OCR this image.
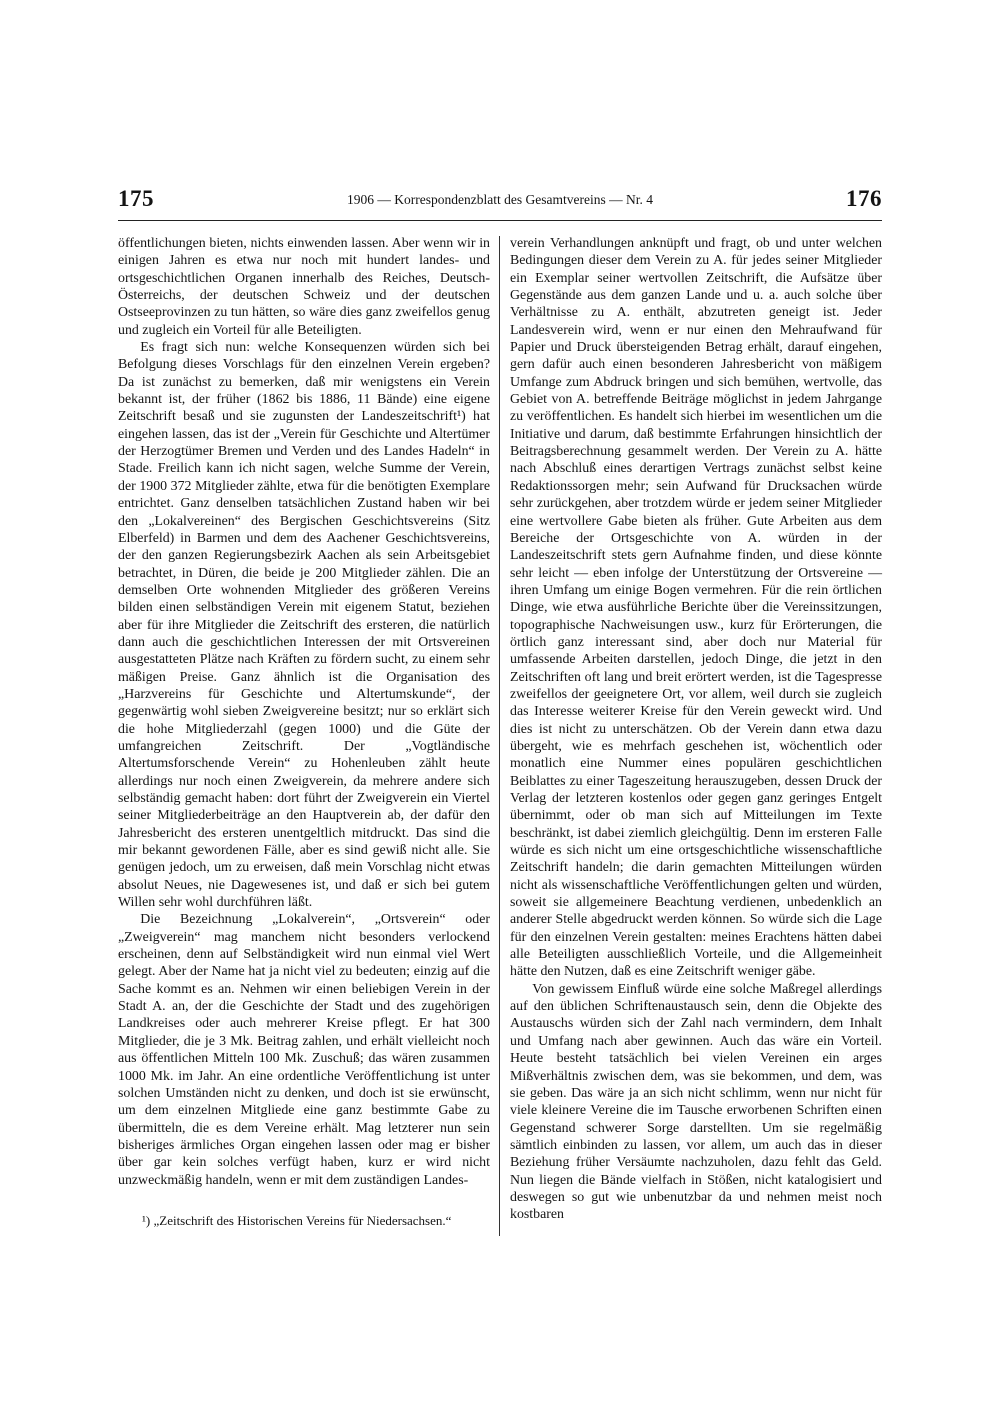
175	1906 — Korrespondenzblatt des Gesamtvereins — Nr. 4	176

öffentlichungen bieten, nichts einwenden lassen. Aber wenn wir in einigen Jahren es etwa nur noch mit hundert landes- und ortsgeschichtlichen Organen innerhalb des Reiches, Deutsch-Österreichs, der deutschen Schweiz und der deutschen Ostseeprovinzen zu tun hätten, so wäre dies ganz zweifellos genug und zugleich ein Vorteil für alle Beteiligten.

Es fragt sich nun: welche Konsequenzen würden sich bei Befolgung dieses Vorschlags für den einzelnen Verein ergeben? Da ist zunächst zu bemerken, daß mir wenigstens ein Verein bekannt ist, der früher (1862 bis 1886, 11 Bände) eine eigene Zeitschrift besaß und sie zugunsten der Landeszeitschrift¹) hat eingehen lassen, das ist der „Verein für Geschichte und Altertümer der Herzogtümer Bremen und Verden und des Landes Hadeln“ in Stade. Freilich kann ich nicht sagen, welche Summe der Verein, der 1900 372 Mitglieder zählte, etwa für die benötigten Exemplare entrichtet. Ganz denselben tatsächlichen Zustand haben wir bei den „Lokalvereinen“ des Bergischen Geschichtsvereins (Sitz Elberfeld) in Barmen und dem des Aachener Geschichtsvereins, der den ganzen Regierungsbezirk Aachen als sein Arbeitsgebiet betrachtet, in Düren, die beide je 200 Mitglieder zählen. Die an demselben Orte wohnenden Mitglieder des größeren Vereins bilden einen selbständigen Verein mit eigenem Statut, beziehen aber für ihre Mitglieder die Zeitschrift des ersteren, die natürlich dann auch die geschichtlichen Interessen der mit Ortsvereinen ausgestatteten Plätze nach Kräften zu fördern sucht, zu einem sehr mäßigen Preise. Ganz ähnlich ist die Organisation des „Harzvereins für Geschichte und Altertumskunde“, der gegenwärtig wohl sieben Zweigvereine besitzt; nur so erklärt sich die hohe Mitgliederzahl (gegen 1000) und die Güte der umfangreichen Zeitschrift. Der „Vogtländische Altertumsforschende Verein“ zu Hohenleuben zählt heute allerdings nur noch einen Zweigverein, da mehrere andere sich selbständig gemacht haben: dort führt der Zweigverein ein Viertel seiner Mitgliederbeiträge an den Hauptverein ab, der dafür den Jahresbericht des ersteren unentgeltlich mitdruckt. Das sind die mir bekannt gewordenen Fälle, aber es sind gewiß nicht alle. Sie genügen jedoch, um zu erweisen, daß mein Vorschlag nicht etwas absolut Neues, nie Dagewesenes ist, und daß er sich bei gutem Willen sehr wohl durchführen läßt.

Die Bezeichnung „Lokalverein“, „Ortsverein“ oder „Zweigverein“ mag manchem nicht besonders verlockend erscheinen, denn auf Selbständigkeit wird nun einmal viel Wert gelegt. Aber der Name hat ja nicht viel zu bedeuten; einzig auf die Sache kommt es an. Nehmen wir einen beliebigen Verein in der Stadt A. an, der die Geschichte der Stadt und des zugehörigen Landkreises oder auch mehrerer Kreise pflegt. Er hat 300 Mitglieder, die je 3 Mk. Beitrag zahlen, und erhält vielleicht noch aus öffentlichen Mitteln 100 Mk. Zuschuß; das wären zusammen 1000 Mk. im Jahr. An eine ordentliche Veröffentlichung ist unter solchen Umständen nicht zu denken, und doch ist sie erwünscht, um dem einzelnen Mitgliede eine ganz bestimmte Gabe zu übermitteln, die es dem Vereine erhält. Mag letzterer nun sein bisheriges ärmliches Organ eingehen lassen oder mag er bisher über gar kein solches verfügt haben, kurz er wird nicht unzweckmäßig handeln, wenn er mit dem zuständigen Landes-

verein Verhandlungen anknüpft und fragt, ob und unter welchen Bedingungen dieser dem Verein zu A. für jedes seiner Mitglieder ein Exemplar seiner wertvollen Zeitschrift, die Aufsätze über Gegenstände aus dem ganzen Lande und u. a. auch solche über Verhältnisse zu A. enthält, abzutreten geneigt ist. Jeder Landesverein wird, wenn er nur einen den Mehraufwand für Papier und Druck übersteigenden Betrag erhält, darauf eingehen, gern dafür auch einen besonderen Jahresbericht von mäßigem Umfange zum Abdruck bringen und sich bemühen, wertvolle, das Gebiet von A. betreffende Beiträge möglichst in jedem Jahrgange zu veröffentlichen. Es handelt sich hierbei im wesentlichen um die Initiative und darum, daß bestimmte Erfahrungen hinsichtlich der Beitragsberechnung gesammelt werden. Der Verein zu A. hätte nach Abschluß eines derartigen Vertrags zunächst selbst keine Redaktionssorgen mehr; sein Aufwand für Drucksachen würde sehr zurückgehen, aber trotzdem würde er jedem seiner Mitglieder eine wertvollere Gabe bieten als früher. Gute Arbeiten aus dem Bereiche der Ortsgeschichte von A. würden in der Landeszeitschrift stets gern Aufnahme finden, und diese könnte sehr leicht — eben infolge der Unterstützung der Ortsvereine — ihren Umfang um einige Bogen vermehren. Für die rein örtlichen Dinge, wie etwa ausführliche Berichte über die Vereinssitzungen, topographische Nachweisungen usw., kurz für Erörterungen, die örtlich ganz interessant sind, aber doch nur Material für umfassende Arbeiten darstellen, jedoch Dinge, die jetzt in den Zeitschriften oft lang und breit erörtert werden, ist die Tagespresse zweifellos der geeignetere Ort, vor allem, weil durch sie zugleich das Interesse weiterer Kreise für den Verein geweckt wird. Und dies ist nicht zu unterschätzen. Ob der Verein dann etwa dazu übergeht, wie es mehrfach geschehen ist, wöchentlich oder monatlich eine Nummer eines populären geschichtlichen Beiblattes zu einer Tageszeitung herauszugeben, dessen Druck der Verlag der letzteren kostenlos oder gegen ganz geringes Entgelt übernimmt, oder ob man sich auf Mitteilungen im Texte beschränkt, ist dabei ziemlich gleichgültig. Denn im ersteren Falle würde es sich nicht um eine ortsgeschichtliche wissenschaftliche Zeitschrift handeln; die darin gemachten Mitteilungen würden nicht als wissenschaftliche Veröffentlichungen gelten und würden, soweit sie allgemeinere Beachtung verdienen, unbedenklich an anderer Stelle abgedruckt werden können. So würde sich die Lage für den einzelnen Verein gestalten: meines Erachtens hätten dabei alle Beteiligten ausschließlich Vorteile, und die Allgemeinheit hätte den Nutzen, daß es eine Zeitschrift weniger gäbe.

Von gewissem Einfluß würde eine solche Maßregel allerdings auf den üblichen Schriftenaustausch sein, denn die Objekte des Austauschs würden sich der Zahl nach vermindern, dem Inhalt und Umfang nach aber gewinnen. Auch das wäre ein Vorteil. Heute besteht tatsächlich bei vielen Vereinen ein arges Mißverhältnis zwischen dem, was sie bekommen, und dem, was sie geben. Das wäre ja an sich nicht schlimm, wenn nur nicht für viele kleinere Vereine die im Tausche erworbenen Schriften einen Gegenstand schwerer Sorge darstellten. Um sie regelmäßig sämtlich einbinden zu lassen, vor allem, um auch das in dieser Beziehung früher Versäumte nachzuholen, dazu fehlt das Geld. Nun liegen die Bände vielfach in Stößen, nicht katalogisiert und deswegen so gut wie unbenutzbar da und nehmen meist noch kostbaren

¹) „Zeitschrift des Historischen Vereins für Niedersachsen.“
